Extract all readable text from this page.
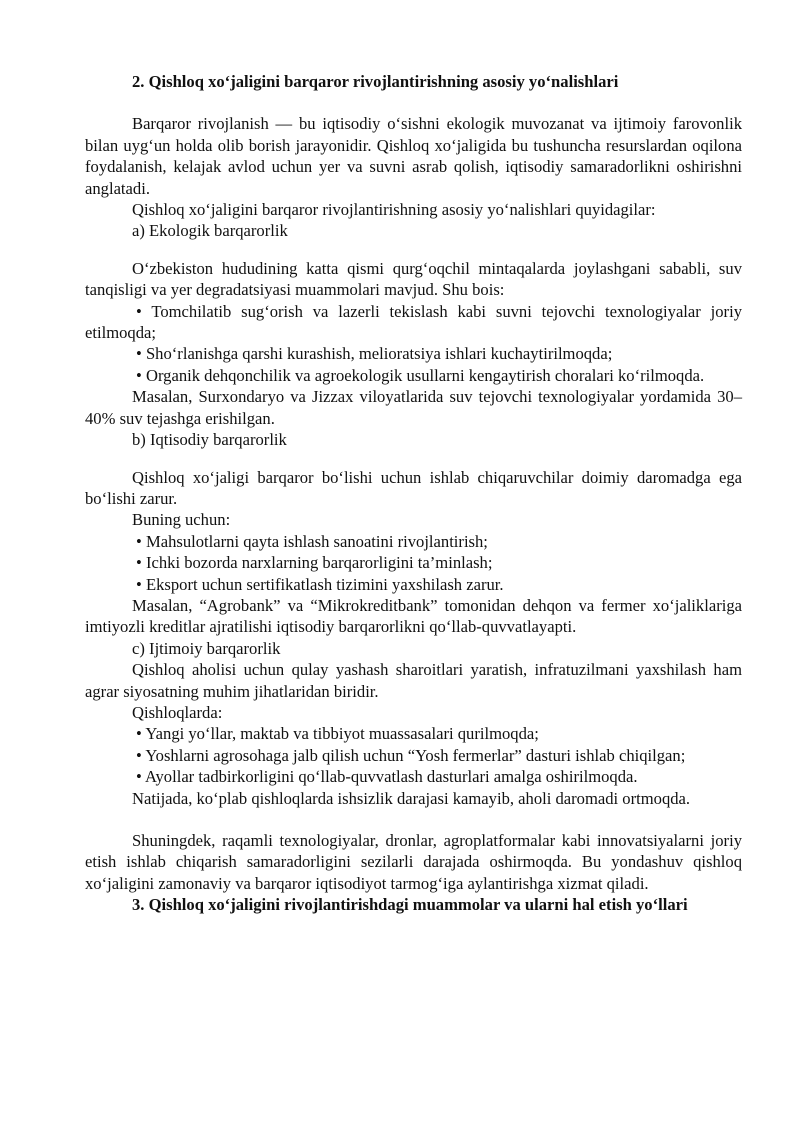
2. Qishloq xo‘jaligini barqaror rivojlantirishning asosiy yo‘nalishlari

Barqaror rivojlanish — bu iqtisodiy o‘sishni ekologik muvozanat va ijtimoiy farovonlik bilan uyg‘un holda olib borish jarayonidir. Qishloq xo‘jaligida bu tushuncha resurslardan oqilona foydalanish, kelajak avlod uchun yer va suvni asrab qolish, iqtisodiy samaradorlikni oshirishni anglatadi.

Qishloq xo‘jaligini barqaror rivojlantirishning asosiy yo‘nalishlari quyidagilar:

a) Ekologik barqarorlik

O‘zbekiston hududining katta qismi qurg‘oqchil mintaqalarda joylashgani sababli, suv tanqisligi va yer degradatsiyasi muammolari mavjud. Shu bois:

• Tomchilatib sug‘orish va lazerli tekislash kabi suvni tejovchi texnologiyalar joriy etilmoqda;

• Sho‘rlanishga qarshi kurashish, melioratsiya ishlari kuchaytirilmoqda;

• Organik dehqonchilik va agroekologik usullarni kengaytirish choralari ko‘rilmoqda.

Masalan, Surxondaryo va Jizzax viloyatlarida suv tejovchi texnologiyalar yordamida 30–40% suv tejashga erishilgan.

b) Iqtisodiy barqarorlik

Qishloq xo‘jaligi barqaror bo‘lishi uchun ishlab chiqaruvchilar doimiy daromadga ega bo‘lishi zarur.

Buning uchun:

• Mahsulotlarni qayta ishlash sanoatini rivojlantirish;

• Ichki bozorda narxlarning barqarorligini ta’minlash;

• Eksport uchun sertifikatlash tizimini yaxshilash zarur.

Masalan, “Agrobank” va “Mikrokreditbank” tomonidan dehqon va fermer xo‘jaliklariga imtiyozli kreditlar ajratilishi iqtisodiy barqarorlikni qo‘llab-quvvatlayapti.

c) Ijtimoiy barqarorlik

Qishloq aholisi uchun qulay yashash sharoitlari yaratish, infratuzilmani yaxshilash ham agrar siyosatning muhim jihatlaridan biridir.

Qishloqlarda:

• Yangi yo‘llar, maktab va tibbiyot muassasalari qurilmoqda;

• Yoshlarni agrosohaga jalb qilish uchun “Yosh fermerlar” dasturi ishlab chiqilgan;

• Ayollar tadbirkorligini qo‘llab-quvvatlash dasturlari amalga oshirilmoqda.

Natijada, ko‘plab qishloqlarda ishsizlik darajasi kamayib, aholi daromadi ortmoqda.

Shuningdek, raqamli texnologiyalar, dronlar, agroplatformalar kabi innovatsiyalarni joriy etish ishlab chiqarish samaradorligini sezilarli darajada oshirmoqda. Bu yondashuv qishloq xo‘jaligini zamonaviy va barqaror iqtisodiyot tarmog‘iga aylantirishga xizmat qiladi.

3. Qishloq xo‘jaligini rivojlantirishdagi muammolar va ularni hal etish yo‘llari
